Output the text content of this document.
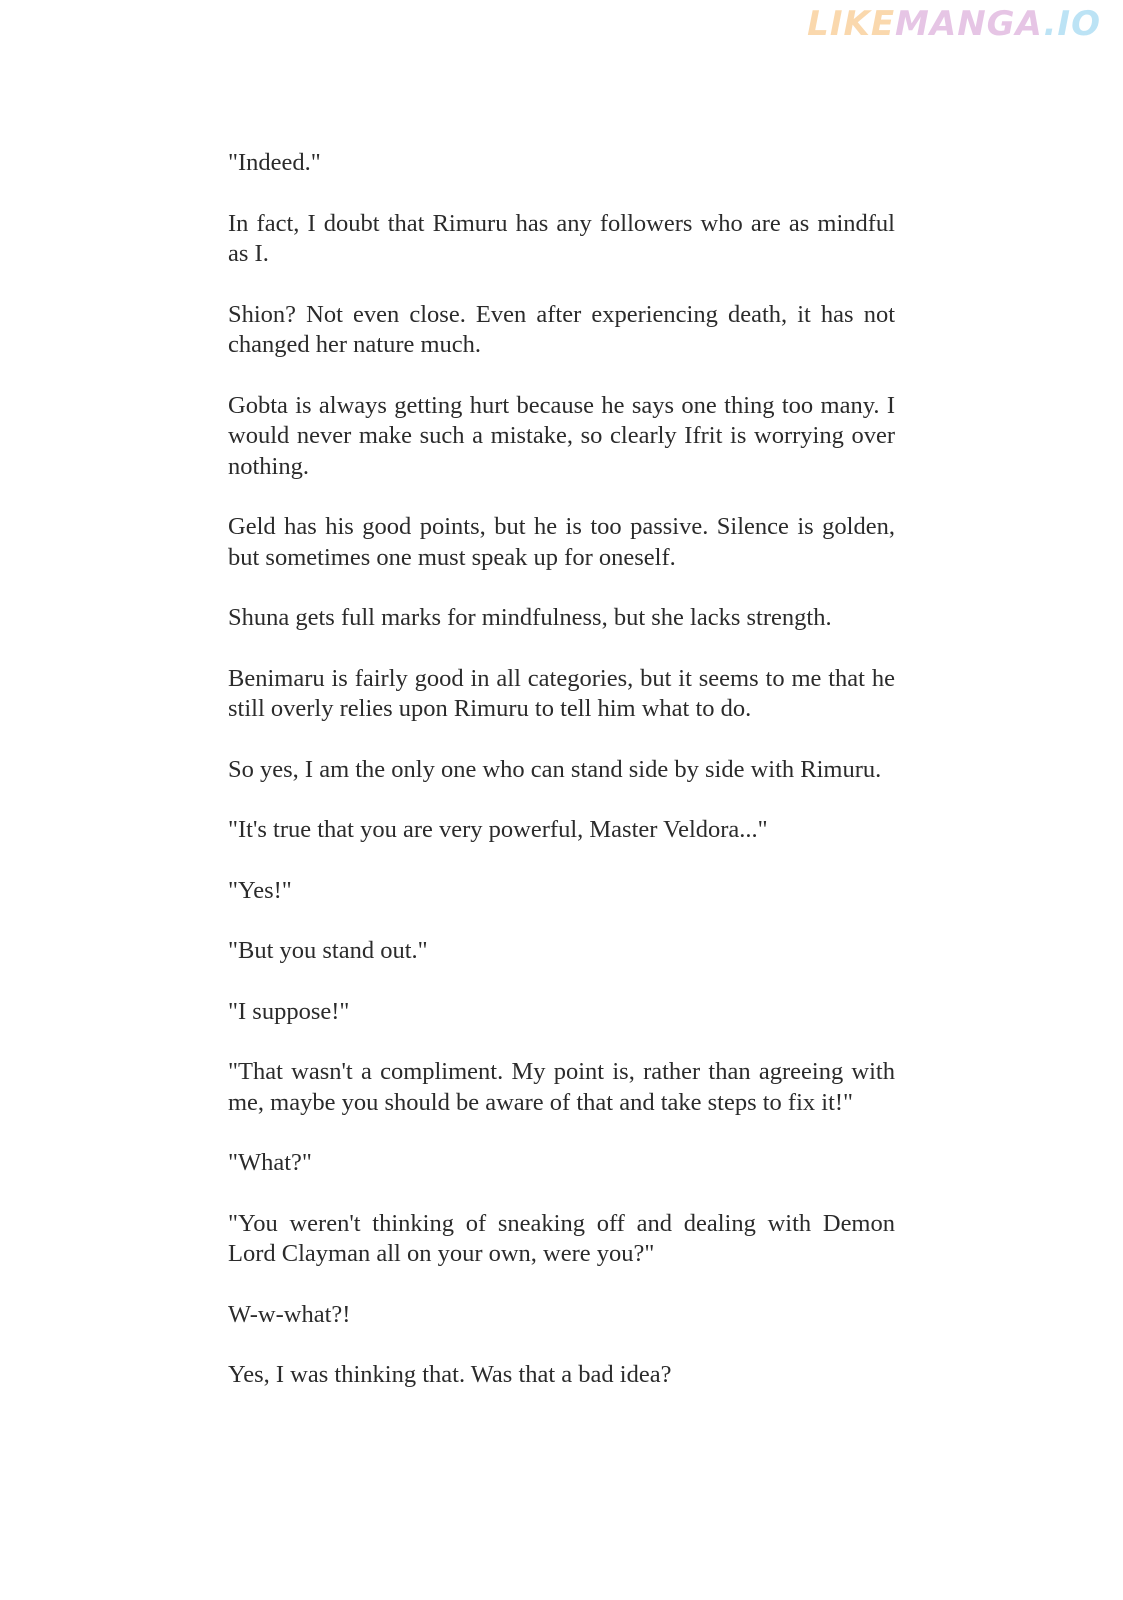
LIKEMANGA.IO

"Indeed."

In fact, I doubt that Rimuru has any followers who are as mindful as I.

Shion? Not even close. Even after experiencing death, it has not changed her nature much.

Gobta is always getting hurt because he says one thing too many. I would never make such a mistake, so clearly Ifrit is worrying over nothing.

Geld has his good points, but he is too passive. Silence is golden, but sometimes one must speak up for oneself.

Shuna gets full marks for mindfulness, but she lacks strength.

Benimaru is fairly good in all categories, but it seems to me that he still overly relies upon Rimuru to tell him what to do.

So yes, I am the only one who can stand side by side with Rimuru.

"It's true that you are very powerful, Master Veldora..."

"Yes!"

"But you stand out."

"I suppose!"

"That wasn't a compliment. My point is, rather than agreeing with me, maybe you should be aware of that and take steps to fix it!"

"What?"

"You weren't thinking of sneaking off and dealing with Demon Lord Clayman all on your own, were you?"

W-w-what?!

Yes, I was thinking that. Was that a bad idea?
